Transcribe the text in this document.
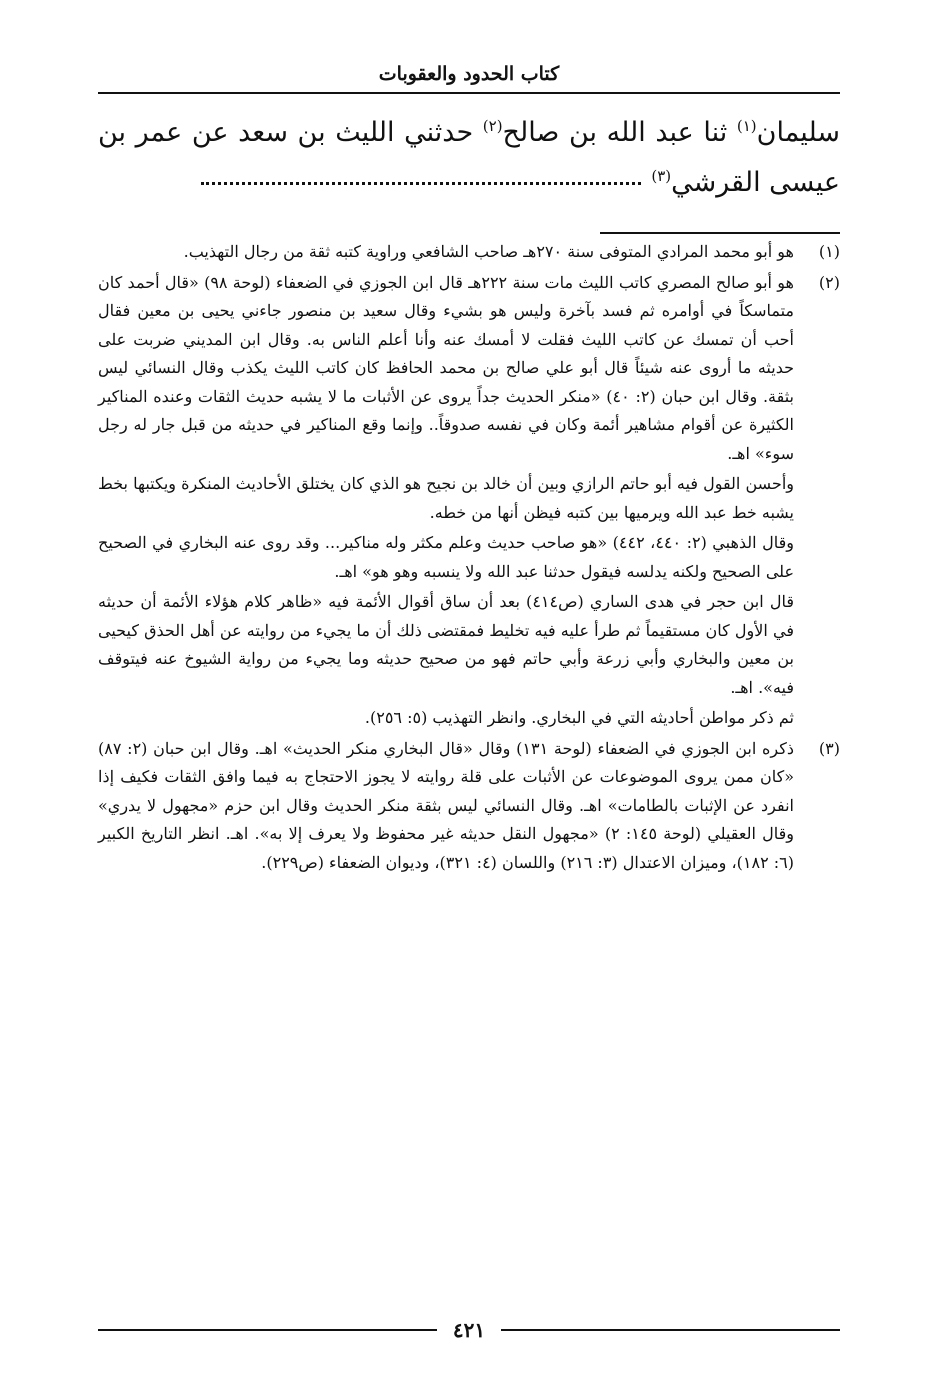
كتاب الحدود والعقوبات
سليمان$^{(١)}$ ثنا عبد الله بن صالح$^{(٢)}$ حدثني الليث بن سعد عن عمر بن عيسى القرشي$^{(٣)}$
(١)

هو أبو محمد المرادي المتوفى سنة ٢٧٠هـ صاحب الشافعي وراوية كتبه ثقة من رجال التهذيب.

(٢)

هو أبو صالح المصري كاتب الليث مات سنة ٢٢٢هـ قال ابن الجوزي في الضعفاء (لوحة ٩٨) «قال أحمد كان متماسكاً في أوامره ثم فسد بآخرة وليس هو بشيء وقال سعيد بن منصور جاءني يحيى بن معين فقال أحب أن تمسك عن كاتب الليث فقلت لا أمسك عنه وأنا أعلم الناس به. وقال ابن المديني ضربت على حديثه ما أروى عنه شيئاً قال أبو علي صالح بن محمد الحافظ كان كاتب الليث يكذب وقال النسائي ليس بثقة. وقال ابن حبان (٢: ٤٠) «منكر الحديث جداً يروى عن الأثبات ما لا يشبه حديث الثقات وعنده المناكير الكثيرة عن أقوام مشاهير أئمة وكان في نفسه صدوقاً.. وإنما وقع المناكير في حديثه من قبل جار له رجل سوء» اهـ.

وأحسن القول فيه أبو حاتم الرازي وبين أن خالد بن نجيح هو الذي كان يختلق الأحاديث المنكرة ويكتبها بخط يشبه خط عبد الله ويرميها بين كتبه فيظن أنها من خطه.

وقال الذهبي (٢: ٤٤٠، ٤٤٢) «هو صاحب حديث وعلم مكثر وله مناكير... وقد روى عنه البخاري في الصحيح على الصحيح ولكنه يدلسه فيقول حدثنا عبد الله ولا ينسبه وهو هو» اهـ.

قال ابن حجر في هدى الساري (ص٤١٤) بعد أن ساق أقوال الأئمة فيه «ظاهر كلام هؤلاء الأئمة أن حديثه في الأول كان مستقيماً ثم طرأ عليه فيه تخليط فمقتضى ذلك أن ما يجيء من روايته عن أهل الحذق كيحيى بن معين والبخاري وأبي زرعة وأبي حاتم فهو من صحيح حديثه وما يجيء من رواية الشيوخ عنه فيتوقف فيه». اهـ.

ثم ذكر مواطن أحاديثه التي في البخاري. وانظر التهذيب (٥: ٢٥٦).

(٣)

ذكره ابن الجوزي في الضعفاء (لوحة ١٣١) وقال «قال البخاري منكر الحديث» اهـ. وقال ابن حبان (٢: ٨٧) «كان ممن يروى الموضوعات عن الأثبات على قلة روايته لا يجوز الاحتجاج به فيما وافق الثقات فكيف إذا انفرد عن الإثبات بالطامات» اهـ. وقال النسائي ليس بثقة منكر الحديث وقال ابن حزم «مجهول لا يدري» وقال العقيلي (لوحة ١٤٥: ٢) «مجهول النقل حديثه غير محفوظ ولا يعرف إلا به». اهـ. انظر التاريخ الكبير (٦: ١٨٢)، وميزان الاعتدال (٣: ٢١٦) واللسان (٤: ٣٢١)، وديوان الضعفاء (ص٢٢٩).

٤٢١
